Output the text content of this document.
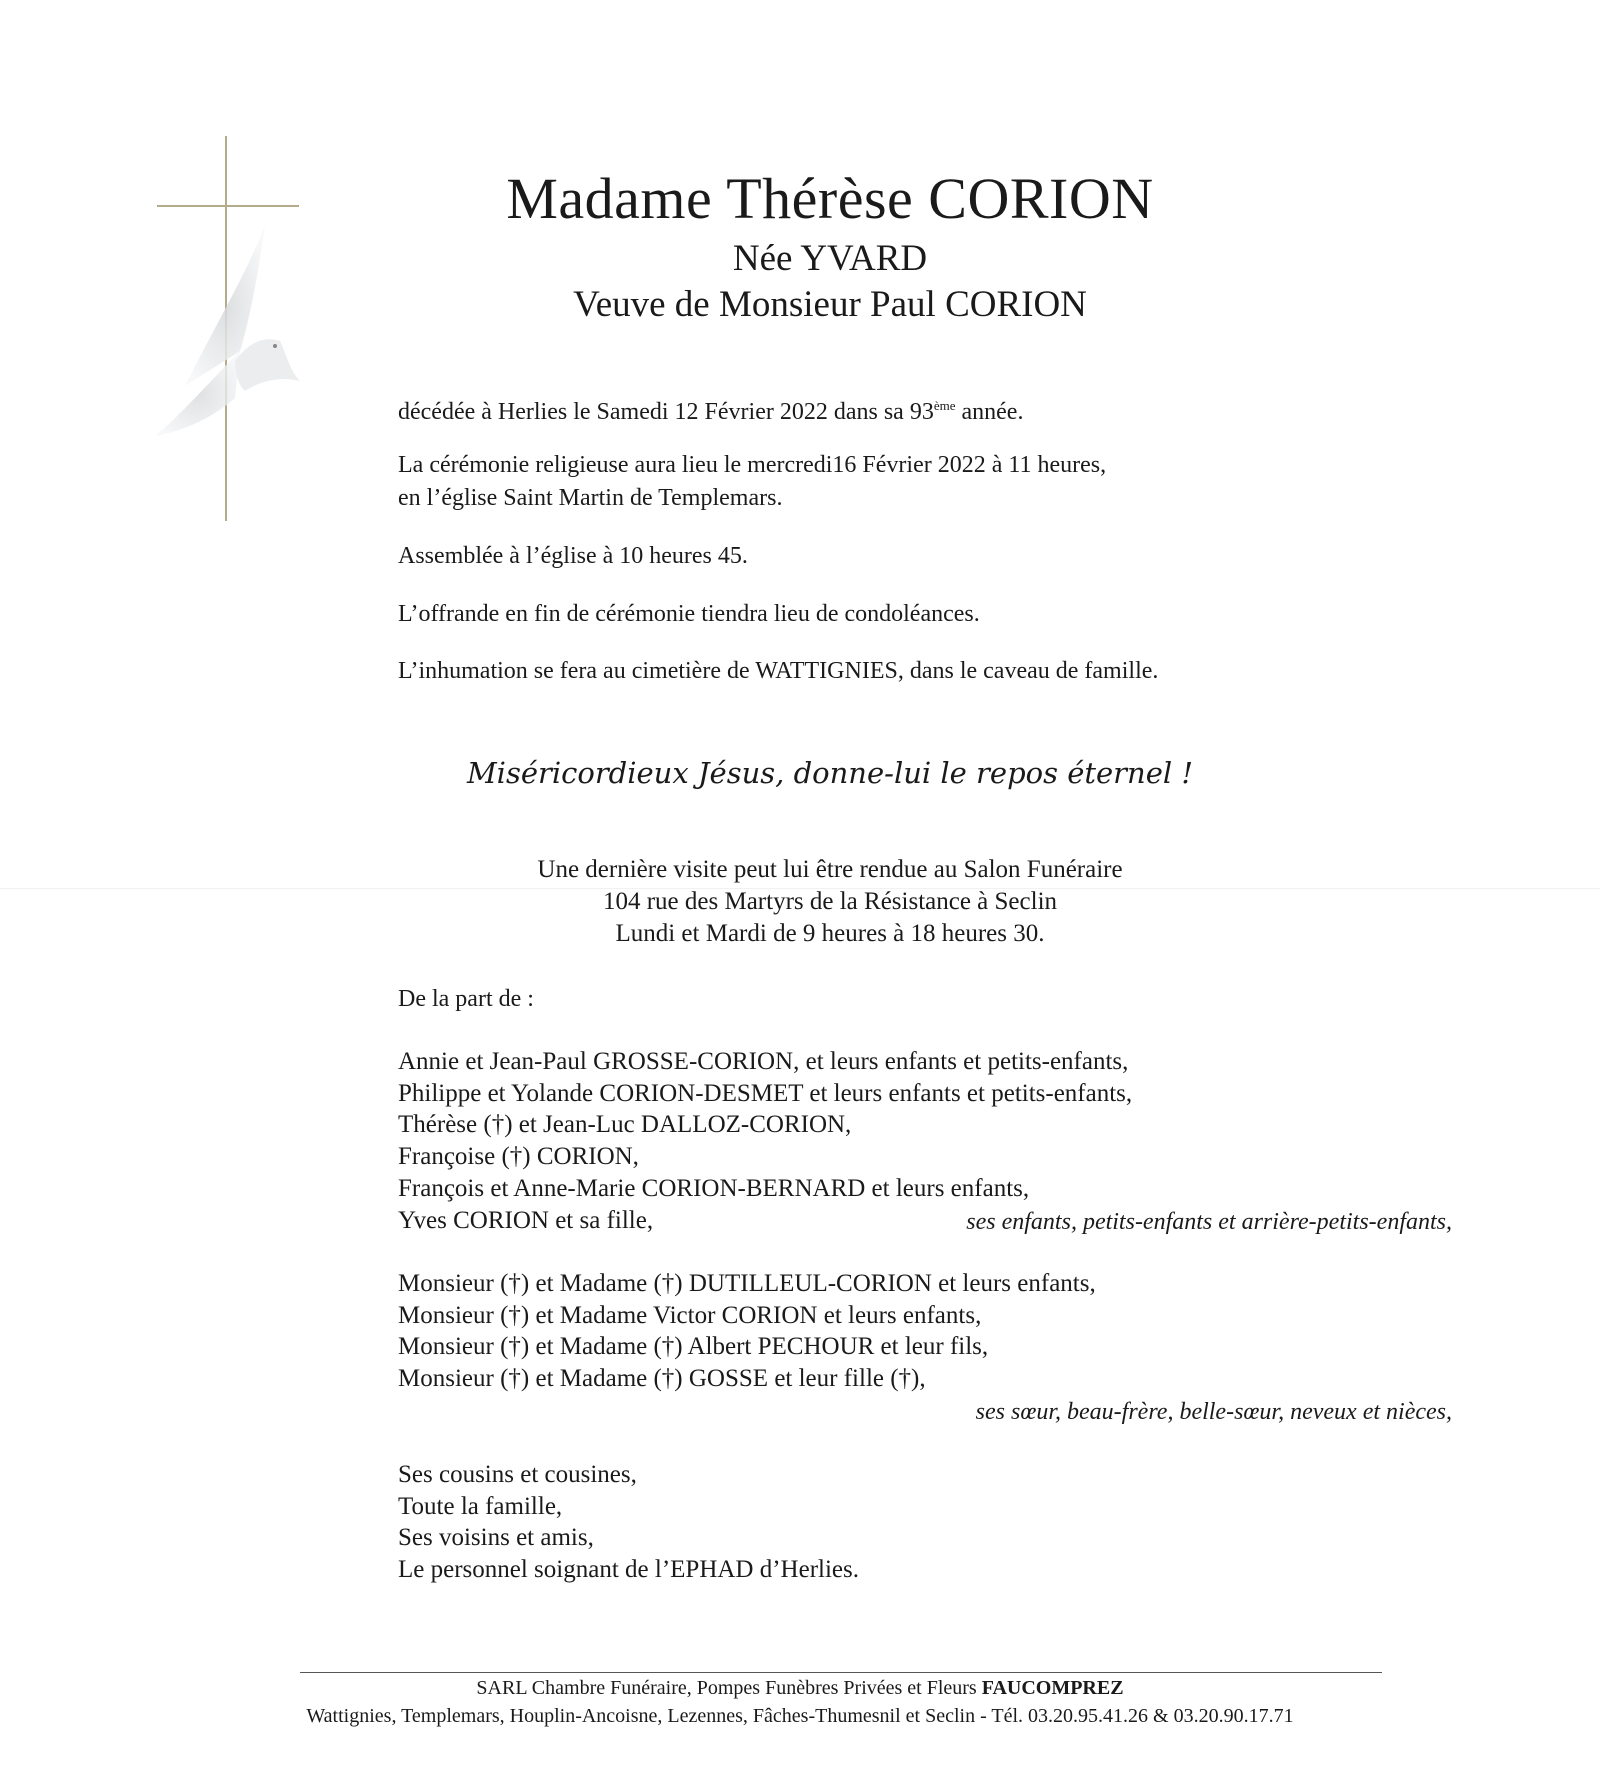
Madame Thérèse CORION
Née YVARD
Veuve de Monsieur Paul CORION
décédée à Herlies le Samedi 12 Février 2022 dans sa 93ème année.
La cérémonie religieuse aura lieu le mercredi16 Février 2022 à 11 heures,
en l’église Saint Martin de Templemars.
Assemblée à l’église à 10 heures 45.
L’offrande en fin de cérémonie tiendra lieu de condoléances.
L’inhumation se fera au cimetière de WATTIGNIES, dans le caveau de famille.
Miséricordieux Jésus, donne-lui le repos éternel !
Une dernière visite peut lui être rendue au Salon Funéraire
104 rue des Martyrs de la Résistance à Seclin
Lundi et Mardi de 9 heures à 18 heures 30.
De la part de :
Annie et Jean-Paul GROSSE-CORION, et leurs enfants et petits-enfants,
Philippe et Yolande CORION-DESMET et leurs enfants et petits-enfants,
Thérèse (†) et Jean-Luc DALLOZ-CORION,
Françoise (†) CORION,
François et Anne-Marie CORION-BERNARD et leurs enfants,
Yves CORION et sa fille,	ses enfants, petits-enfants et arrière-petits-enfants,
Monsieur (†) et Madame (†) DUTILLEUL-CORION et leurs enfants,
Monsieur (†) et Madame Victor CORION et leurs enfants,
Monsieur (†) et Madame (†) Albert PECHOUR et leur fils,
Monsieur (†) et Madame (†) GOSSE et leur fille (†),
ses sœur, beau-frère, belle-sœur, neveux et nièces,
Ses cousins et cousines,
Toute la famille,
Ses voisins et amis,
Le personnel soignant de l’EPHAD d’Herlies.
SARL Chambre Funéraire, Pompes Funèbres Privées et Fleurs FAUCOMPREZ
Wattignies, Templemars, Houplin-Ancoisne, Lezennes, Fâches-Thumesnil et Seclin - Tél. 03.20.95.41.26 & 03.20.90.17.71
